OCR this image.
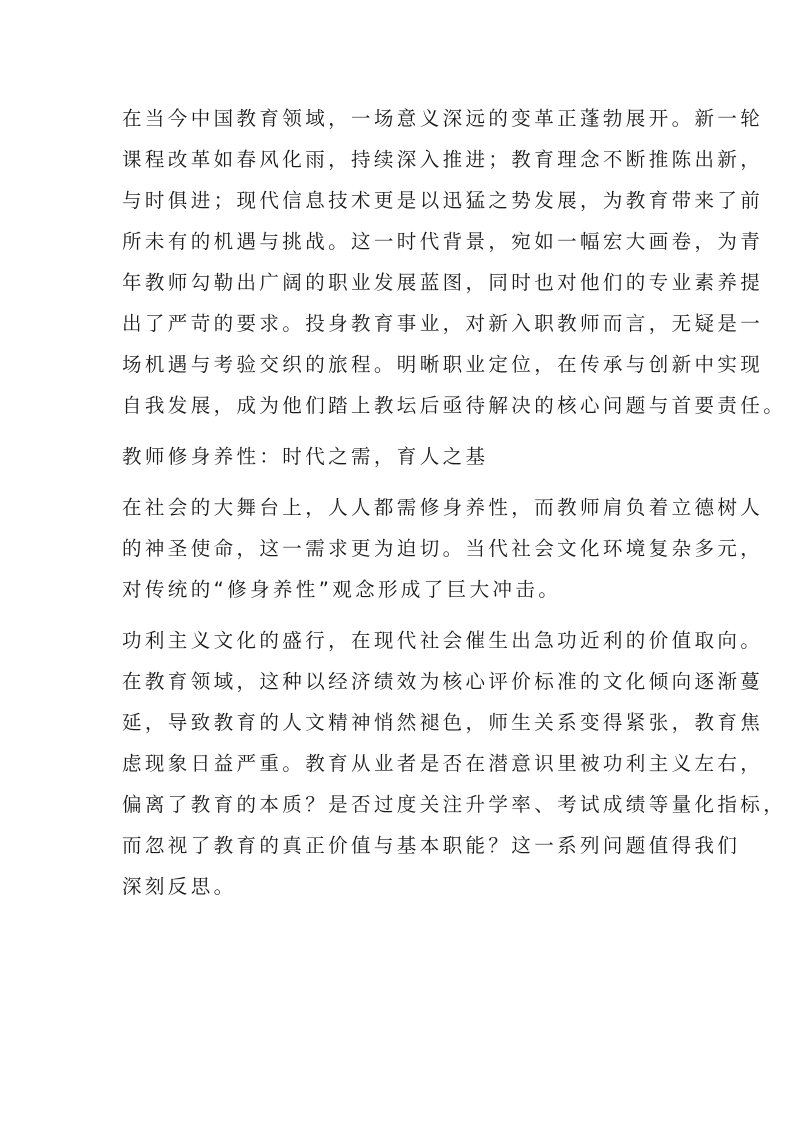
在当今中国教育领域，一场意义深远的变革正蓬勃展开。新一轮
课程改革如春风化雨，持续深入推进；教育理念不断推陈出新，
与时俱进；现代信息技术更是以迅猛之势发展，为教育带来了前
所未有的机遇与挑战。这一时代背景，宛如一幅宏大画卷，为青
年教师勾勒出广阔的职业发展蓝图，同时也对他们的专业素养提
出了严苛的要求。投身教育事业，对新入职教师而言，无疑是一
场机遇与考验交织的旅程。明晰职业定位，在传承与创新中实现
自我发展，成为他们踏上教坛后亟待解决的核心问题与首要责任。

教师修身养性：时代之需，育人之基

在社会的大舞台上，人人都需修身养性，而教师肩负着立德树人
的神圣使命，这一需求更为迫切。当代社会文化环境复杂多元，
对传统的“修身养性”观念形成了巨大冲击。

功利主义文化的盛行，在现代社会催生出急功近利的价值取向。
在教育领域，这种以经济绩效为核心评价标准的文化倾向逐渐蔓
延，导致教育的人文精神悄然褪色，师生关系变得紧张，教育焦
虑现象日益严重。教育从业者是否在潜意识里被功利主义左右，
偏离了教育的本质？是否过度关注升学率、考试成绩等量化指标，
而忽视了教育的真正价值与基本职能？这一系列问题值得我们
深刻反思。
